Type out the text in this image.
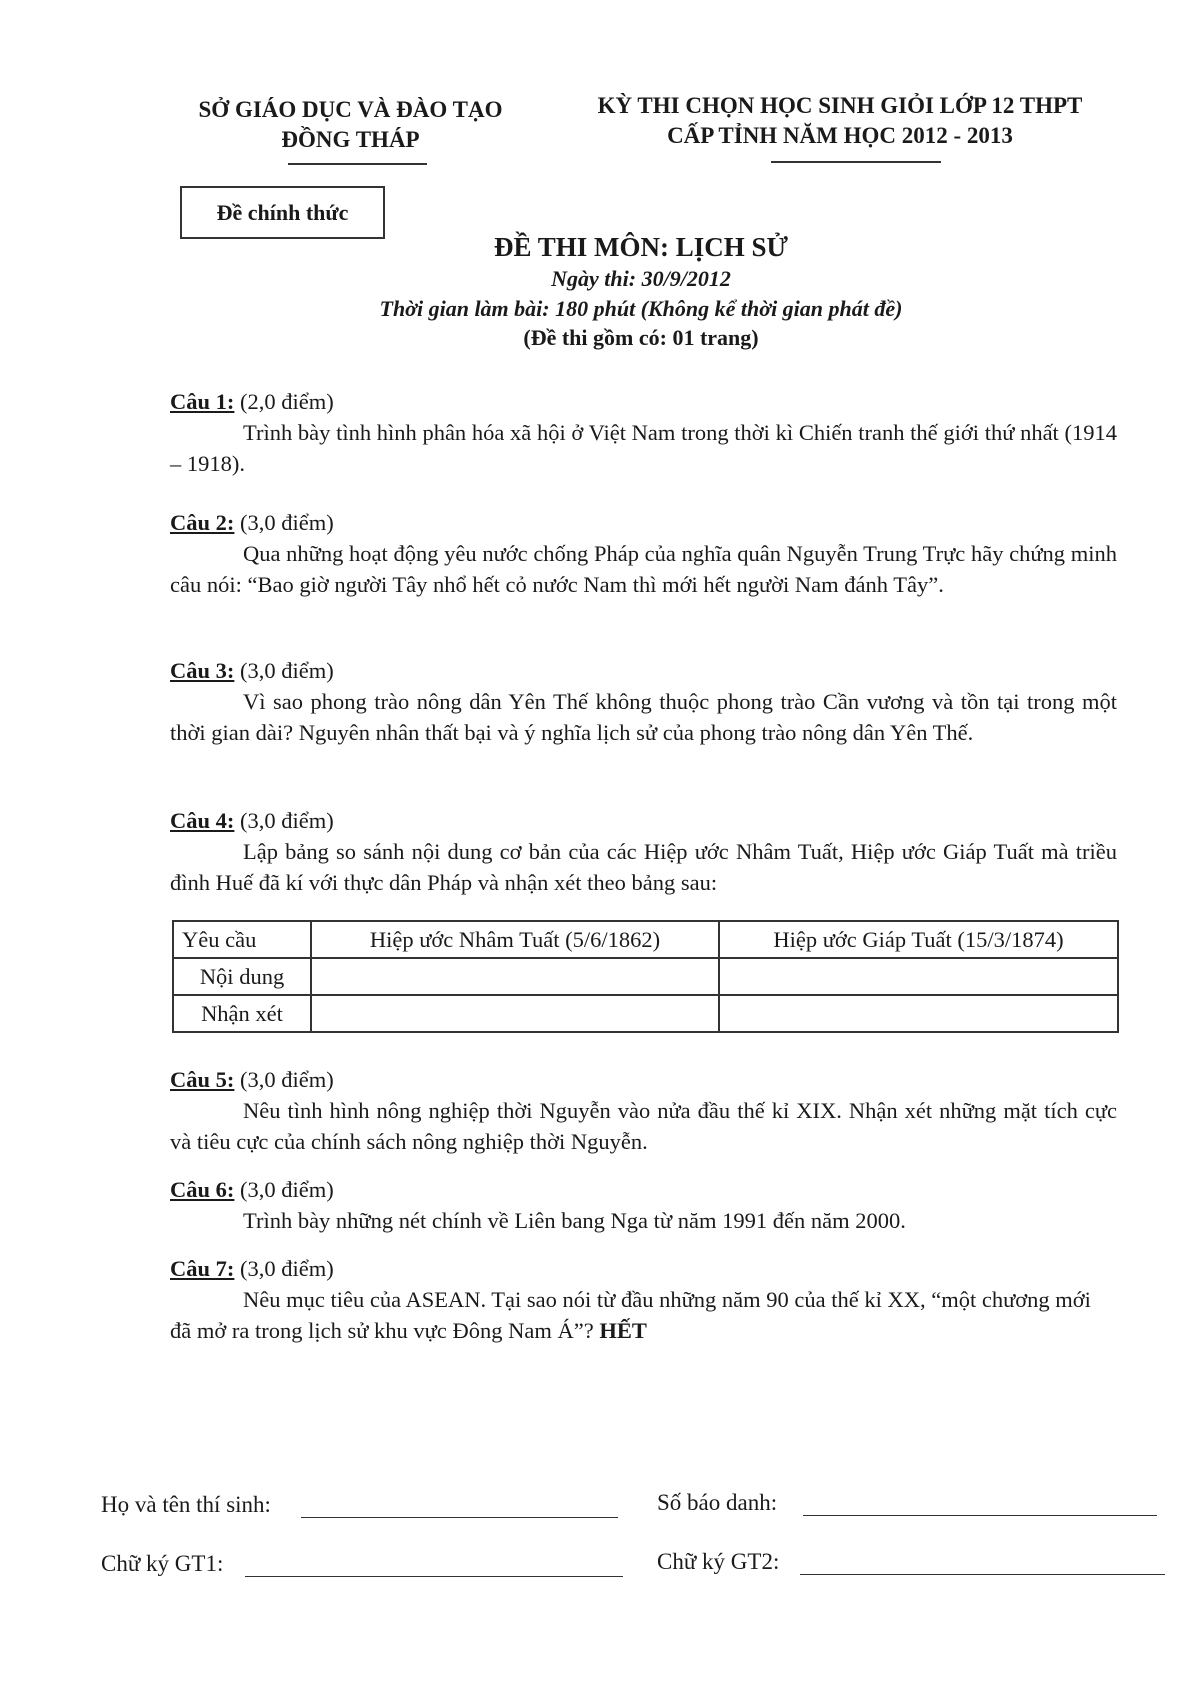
SỞ GIÁO DỤC VÀ ĐÀO TẠO
ĐỒNG THÁP
KỲ THI CHỌN HỌC SINH GIỎI LỚP 12 THPT
CẤP TỈNH NĂM HỌC 2012 - 2013
Đề chính thức
ĐỀ THI MÔN: LỊCH SỬ
Ngày thi: 30/9/2012
Thời gian làm bài: 180 phút (Không kể thời gian phát đề)
(Đề thi gồm có: 01 trang)
Câu 1: (2,0 điểm)
Trình bày tình hình phân hóa xã hội ở Việt Nam trong thời kì Chiến tranh thế giới thứ nhất (1914 – 1918).
Câu 2: (3,0 điểm)
Qua những hoạt động yêu nước chống Pháp của nghĩa quân Nguyễn Trung Trực hãy chứng minh câu nói: “Bao giờ người Tây nhổ hết cỏ nước Nam thì mới hết người Nam đánh Tây”.
Câu 3: (3,0 điểm)
Vì sao phong trào nông dân Yên Thế không thuộc phong trào Cần vương và tồn tại trong một thời gian dài? Nguyên nhân thất bại và ý nghĩa lịch sử của phong trào nông dân Yên Thế.
Câu 4: (3,0 điểm)
Lập bảng so sánh nội dung cơ bản của các Hiệp ước Nhâm Tuất, Hiệp ước Giáp Tuất mà triều đình Huế đã kí với thực dân Pháp và nhận xét theo bảng sau:
Yêu cầu	Hiệp ước Nhâm Tuất (5/6/1862)	Hiệp ước Giáp Tuất (15/3/1874)
Nội dung		
Nhận xét		
Câu 5: (3,0 điểm)
Nêu tình hình nông nghiệp thời Nguyễn vào nửa đầu thế kỉ XIX. Nhận xét những mặt tích cực và tiêu cực của chính sách nông nghiệp thời Nguyễn.
Câu 6: (3,0 điểm)
Trình bày những nét chính về Liên bang Nga từ năm 1991 đến năm 2000.
Câu 7: (3,0 điểm)
Nêu mục tiêu của ASEAN. Tại sao nói từ đầu những năm 90 của thế kỉ XX, “một chương mới đã mở ra trong lịch sử khu vực Đông Nam Á”? HẾT
Họ và tên thí sinh:	Số báo danh:
Chữ ký GT1:	Chữ ký GT2:
